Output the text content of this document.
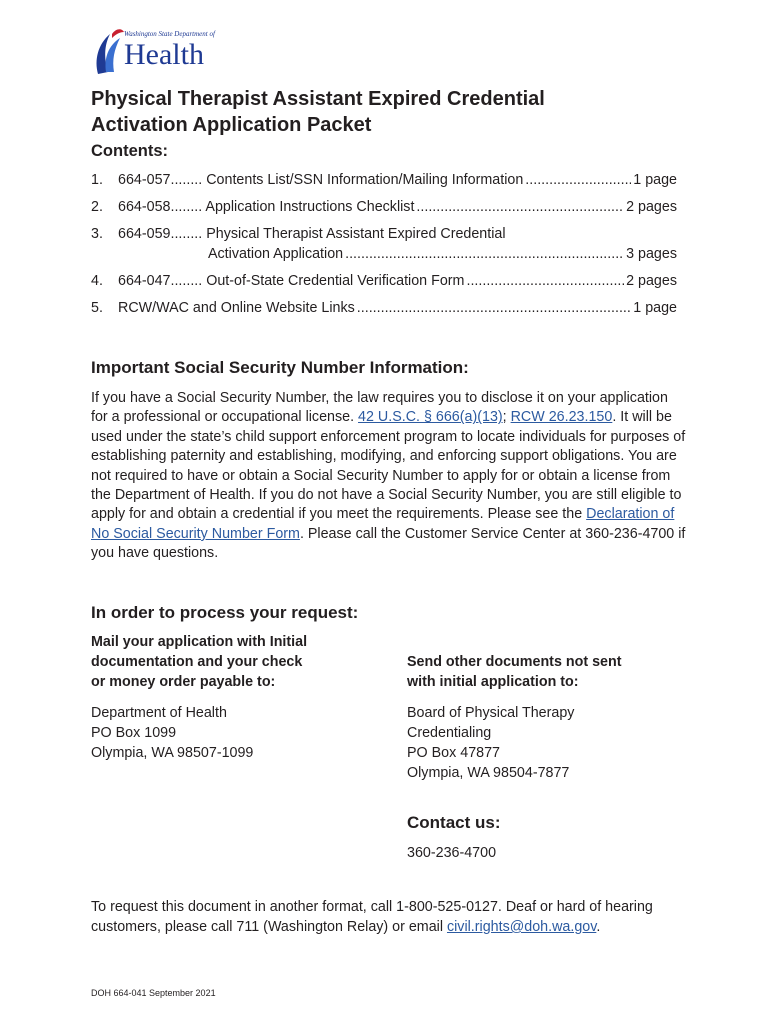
Washington State Department of
Health
Physical Therapist Assistant Expired Credential
Activation Application Packet
Contents:
1. 664-057........ Contents List/SSN Information/Mailing Information .....	1 page
2. 664-058........ Application Instructions Checklist .....	2 pages
3. 664-059........ Physical Therapist Assistant Expired Credential
Activation Application .....	3 pages
4. 664-047........ Out-of-State Credential Verification Form .....	2 pages
5. RCW/WAC and Online Website Links .....	1 page
Important Social Security Number Information:

If you have a Social Security Number, the law requires you to disclose it on your application for a professional or occupational license. 42 U.S.C. § 666(a)(13); RCW 26.23.150. It will be used under the state’s child support enforcement program to locate individuals for purposes of establishing paternity and establishing, modifying, and enforcing support obligations. You are not required to have or obtain a Social Security Number to apply for or obtain a license from the Department of Health. If you do not have a Social Security Number, you are still eligible to apply for and obtain a credential if you meet the requirements. Please see the Declaration of No Social Security Number Form. Please call the Customer Service Center at 360-236-4700 if you have questions.

In order to process your request:
Mail your application with Initial
documentation and your check
or money order payable to:
Department of Health
PO Box 1099
Olympia, WA 98507-1099
Send other documents not sent
with initial application to:
Board of Physical Therapy
Credentialing
PO Box 47877
Olympia, WA 98504-7877
Contact us:

360-236-4700

To request this document in another format, call 1-800-525-0127. Deaf or hard of hearing customers, please call 711 (Washington Relay) or email civil.rights@doh.wa.gov.

DOH 664-041 September 2021
